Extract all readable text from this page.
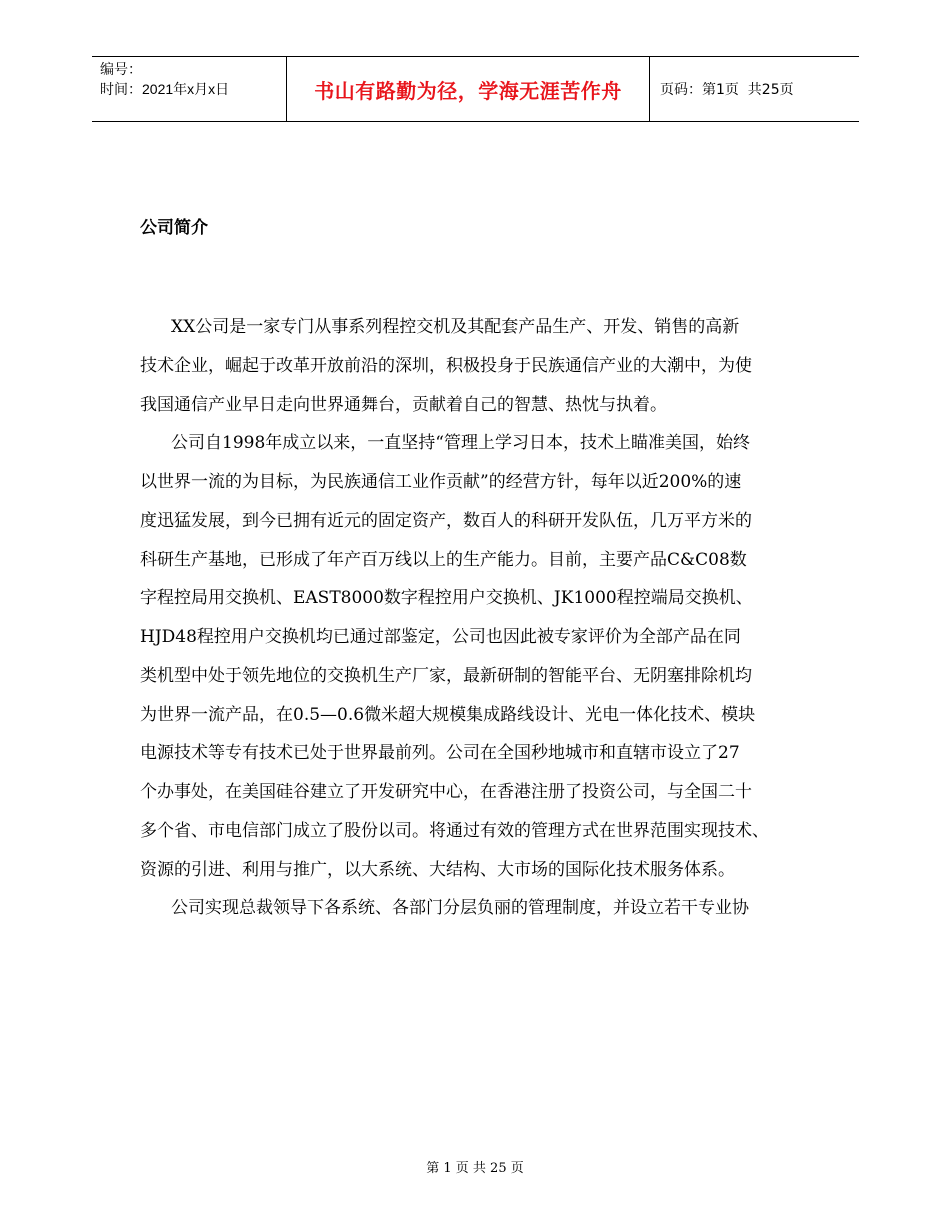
编号：
时间：2021年x月x日	书山有路勤为径，学海无涯苦作舟	页码：第1页  共25页
公司简介
XX公司是一家专门从事系列程控交机及其配套产品生产、开发、销售的高新
技术企业，崛起于改革开放前沿的深圳，积极投身于民族通信产业的大潮中，为使
我国通信产业早日走向世界通舞台，贡献着自己的智慧、热忱与执着。
公司自1998年成立以来，一直坚持“管理上学习日本，技术上瞄准美国，始终
以世界一流的为目标，为民族通信工业作贡献”的经营方针，每年以近200%的速
度迅猛发展，到今已拥有近元的固定资产，数百人的科研开发队伍，几万平方米的
科研生产基地，已形成了年产百万线以上的生产能力。目前，主要产品C&C08数
字程控局用交换机、EAST8000数字程控用户交换机、JK1000程控端局交换机、
HJD48程控用户交换机均已通过部鉴定，公司也因此被专家评价为全部产品在同
类机型中处于领先地位的交换机生产厂家，最新研制的智能平台、无阴塞排除机均
为世界一流产品，在0.5—0.6微米超大规模集成路线设计、光电一体化技术、模块
电源技术等专有技术已处于世界最前列。公司在全国秒地城市和直辖市设立了27
个办事处，在美国硅谷建立了开发研究中心，在香港注册了投资公司，与全国二十
多个省、市电信部门成立了股份以司。将通过有效的管理方式在世界范围实现技术、
资源的引进、利用与推广，以大系统、大结构、大市场的国际化技术服务体系。
公司实现总裁领导下各系统、各部门分层负丽的管理制度，并设立若干专业协
第 1 页 共 25 页
